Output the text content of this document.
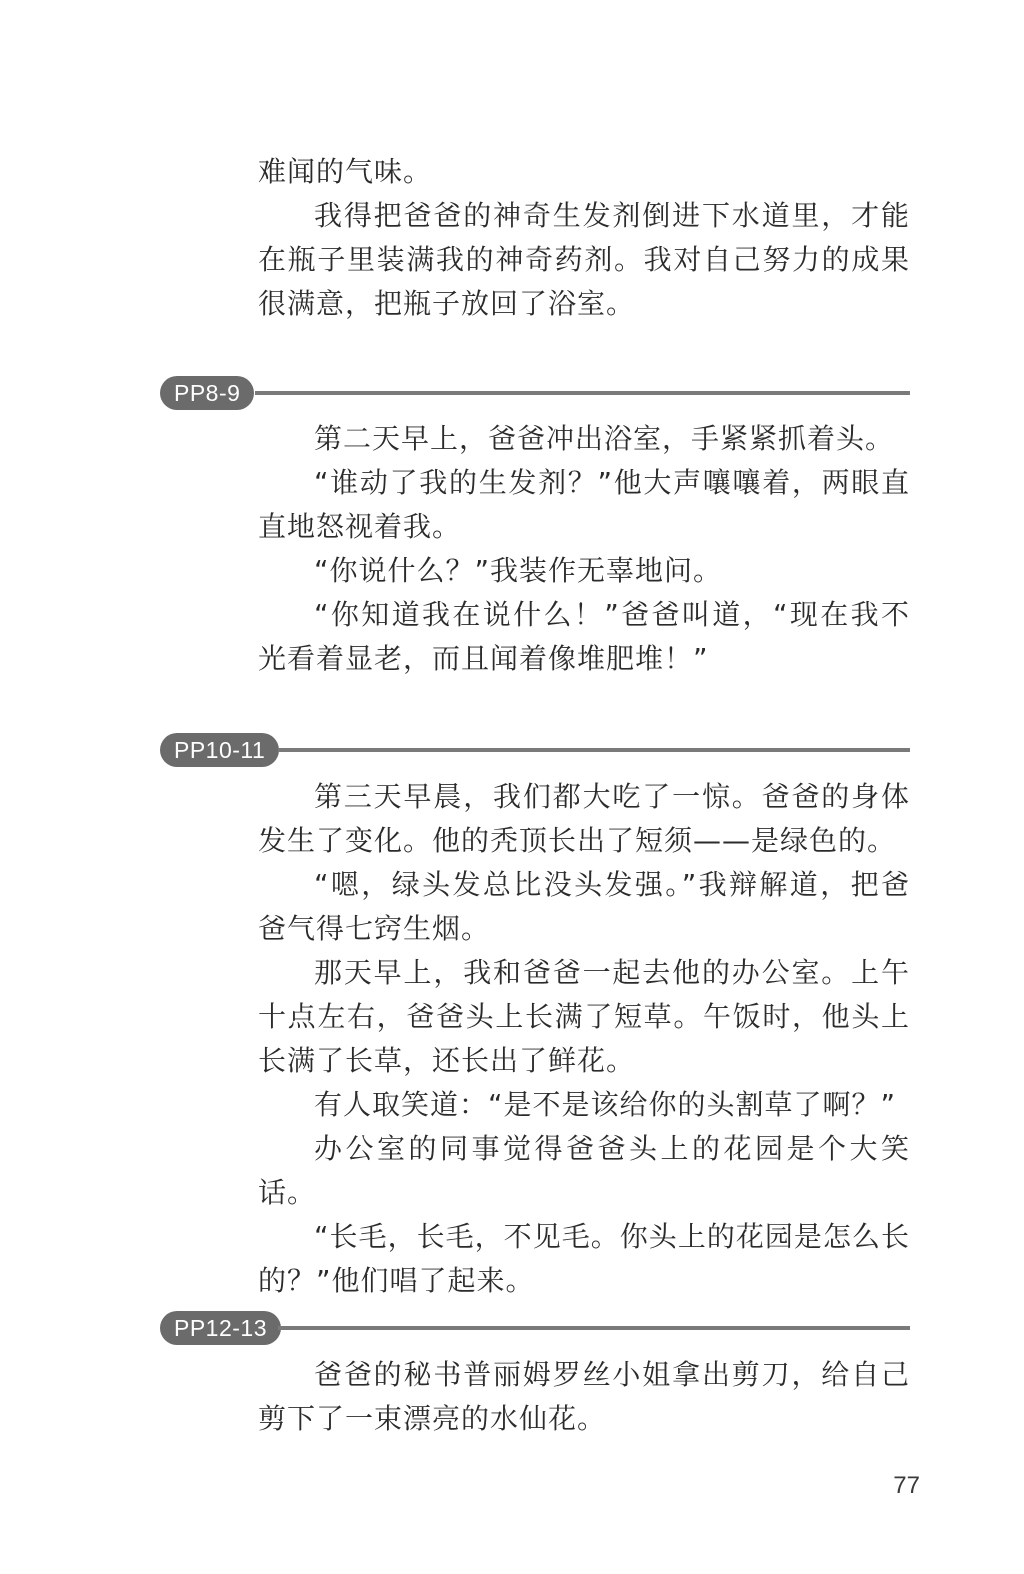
难闻的气味。

我得把爸爸的神奇生发剂倒进下水道里，才能在瓶子里装满我的神奇药剂。我对自己努力的成果很满意，把瓶子放回了浴室。

PP8-9

第二天早上，爸爸冲出浴室，手紧紧抓着头。

“谁动了我的生发剂？”他大声嚷嚷着，两眼直直地怒视着我。

“你说什么？”我装作无辜地问。

“你知道我在说什么！”爸爸叫道，“现在我不光看着显老，而且闻着像堆肥堆！”

PP10-11

第三天早晨，我们都大吃了一惊。爸爸的身体发生了变化。他的秃顶长出了短须——是绿色的。

“嗯，绿头发总比没头发强。”我辩解道，把爸爸气得七窍生烟。

那天早上，我和爸爸一起去他的办公室。上午十点左右，爸爸头上长满了短草。午饭时，他头上长满了长草，还长出了鲜花。

有人取笑道：“是不是该给你的头割草了啊？”

办公室的同事觉得爸爸头上的花园是个大笑话。

“长毛，长毛，不见毛。你头上的花园是怎么长的？”他们唱了起来。

PP12-13

爸爸的秘书普丽姆罗丝小姐拿出剪刀，给自己剪下了一束漂亮的水仙花。

77
